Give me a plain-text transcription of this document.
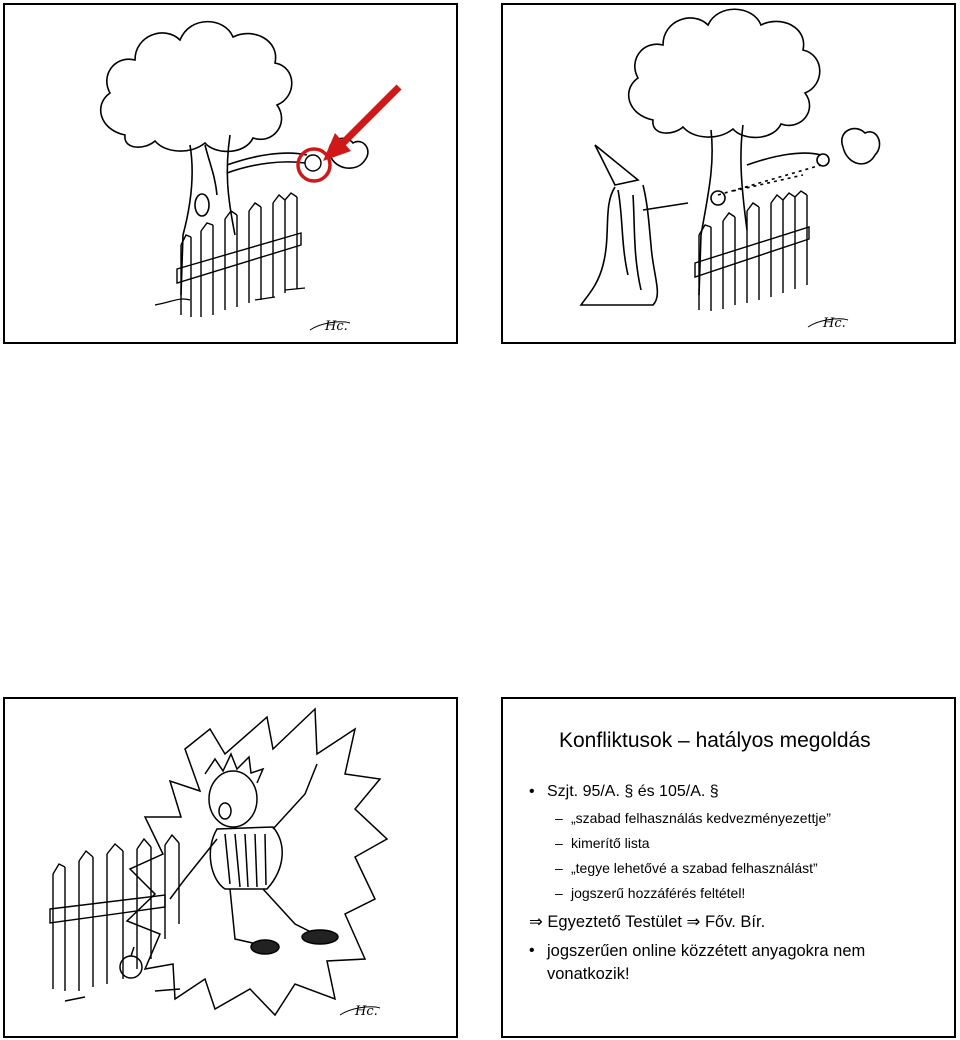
Hc.	Hc.
Hc.
Konfliktusok – hatályos megoldás
• Szjt. 95/A. § és 105/A. §
– „szabad felhasználás kedvezményezettje”
– kimerítő lista
– „tegye lehetővé a szabad felhasználást”
– jogszerű hozzáférés feltétel!
⇒ Egyeztető Testület ⇒ Főv. Bír.
• jogszerűen online közzétett anyagokra nem
vonatkozik!
